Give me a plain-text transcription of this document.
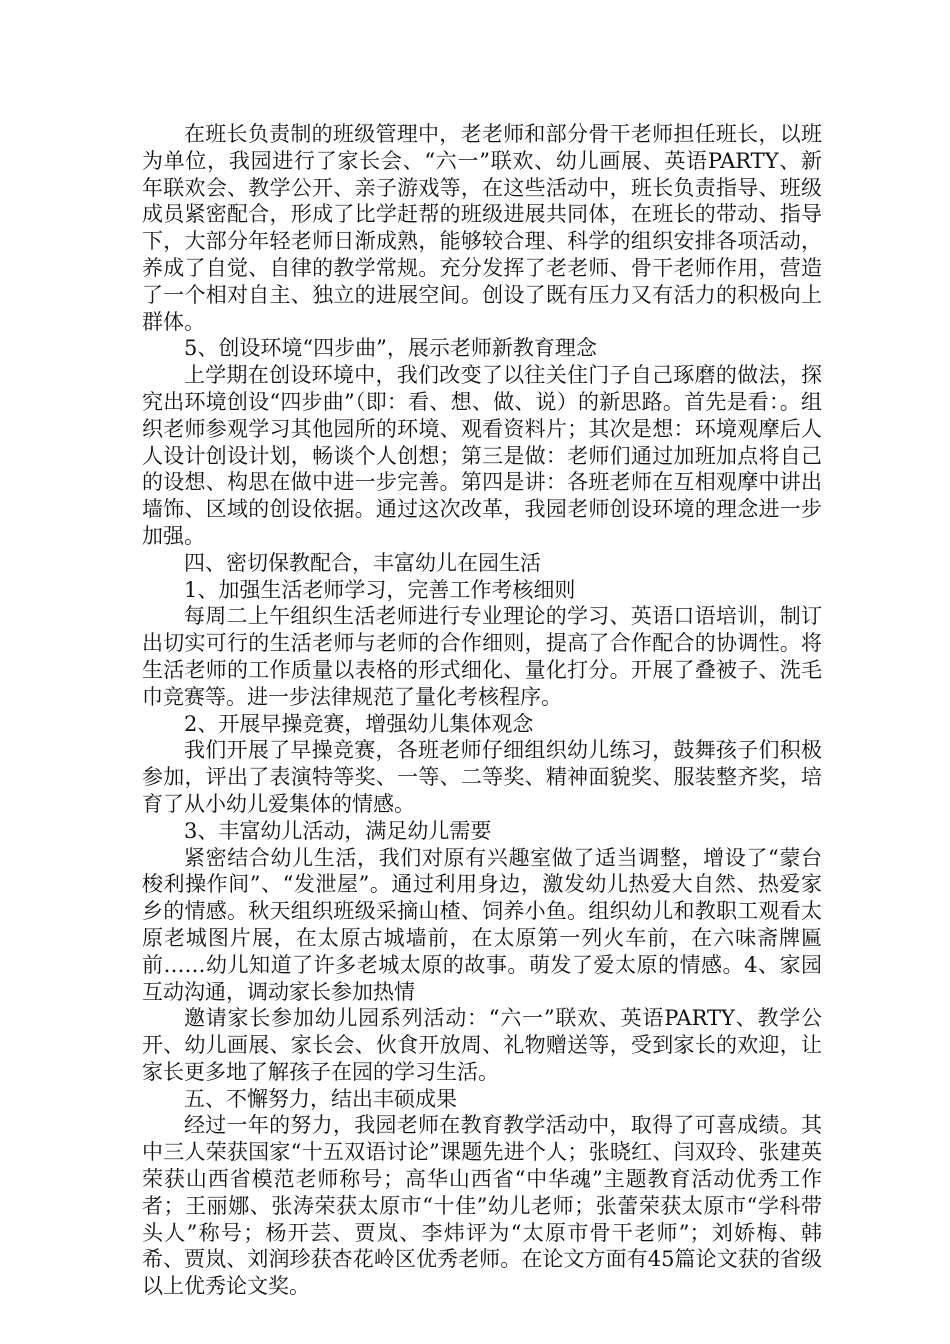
在班长负责制的班级管理中，老老师和部分骨干老师担任班长，以班为单位，我园进行了家长会、“六一”联欢、幼儿画展、英语PARTY、新年联欢会、教学公开、亲子游戏等，在这些活动中，班长负责指导、班级成员紧密配合，形成了比学赶帮的班级进展共同体，在班长的带动、指导下，大部分年轻老师日渐成熟，能够较合理、科学的组织安排各项活动，养成了自觉、自律的教学常规。充分发挥了老老师、骨干老师作用，营造了一个相对自主、独立的进展空间。创设了既有压力又有活力的积极向上群体。

5、创设环境“四步曲”，展示老师新教育理念

上学期在创设环境中，我们改变了以往关住门子自己琢磨的做法，探究出环境创设“四步曲”（即：看、想、做、说）的新思路。首先是看：。组织老师参观学习其他园所的环境、观看资料片；其次是想：环境观摩后人人设计创设计划，畅谈个人创想；第三是做：老师们通过加班加点将自己的设想、构思在做中进一步完善。第四是讲：各班老师在互相观摩中讲出墙饰、区域的创设依据。通过这次改革，我园老师创设环境的理念进一步加强。

四、密切保教配合，丰富幼儿在园生活

1、加强生活老师学习，完善工作考核细则

每周二上午组织生活老师进行专业理论的学习、英语口语培训，制订出切实可行的生活老师与老师的合作细则，提高了合作配合的协调性。将生活老师的工作质量以表格的形式细化、量化打分。开展了叠被子、洗毛巾竞赛等。进一步法律规范了量化考核程序。

2、开展早操竞赛，增强幼儿集体观念

我们开展了早操竞赛，各班老师仔细组织幼儿练习，鼓舞孩子们积极参加，评出了表演特等奖、一等、二等奖、精神面貌奖、服装整齐奖，培育了从小幼儿爱集体的情感。

3、丰富幼儿活动，满足幼儿需要

紧密结合幼儿生活，我们对原有兴趣室做了适当调整，增设了“蒙台梭利操作间”、“发泄屋”。通过利用身边，激发幼儿热爱大自然、热爱家乡的情感。秋天组织班级采摘山楂、饲养小鱼。组织幼儿和教职工观看太原老城图片展，在太原古城墙前，在太原第一列火车前，在六味斋牌匾前……幼儿知道了许多老城太原的故事。萌发了爱太原的情感。4、家园互动沟通，调动家长参加热情

邀请家长参加幼儿园系列活动：“六一”联欢、英语PARTY、教学公开、幼儿画展、家长会、伙食开放周、礼物赠送等，受到家长的欢迎，让家长更多地了解孩子在园的学习生活。

五、不懈努力，结出丰硕成果

经过一年的努力，我园老师在教育教学活动中，取得了可喜成绩。其中三人荣获国家“十五双语讨论”课题先进个人；张晓红、闫双玲、张建英荣获山西省模范老师称号；高华山西省“中华魂”主题教育活动优秀工作者；王丽娜、张涛荣获太原市“十佳”幼儿老师；张蕾荣获太原市“学科带头人”称号；杨开芸、贾岚、李炜评为“太原市骨干老师”；刘娇梅、韩希、贾岚、刘润珍获杏花岭区优秀老师。在论文方面有45篇论文获的省级以上优秀论文奖。
